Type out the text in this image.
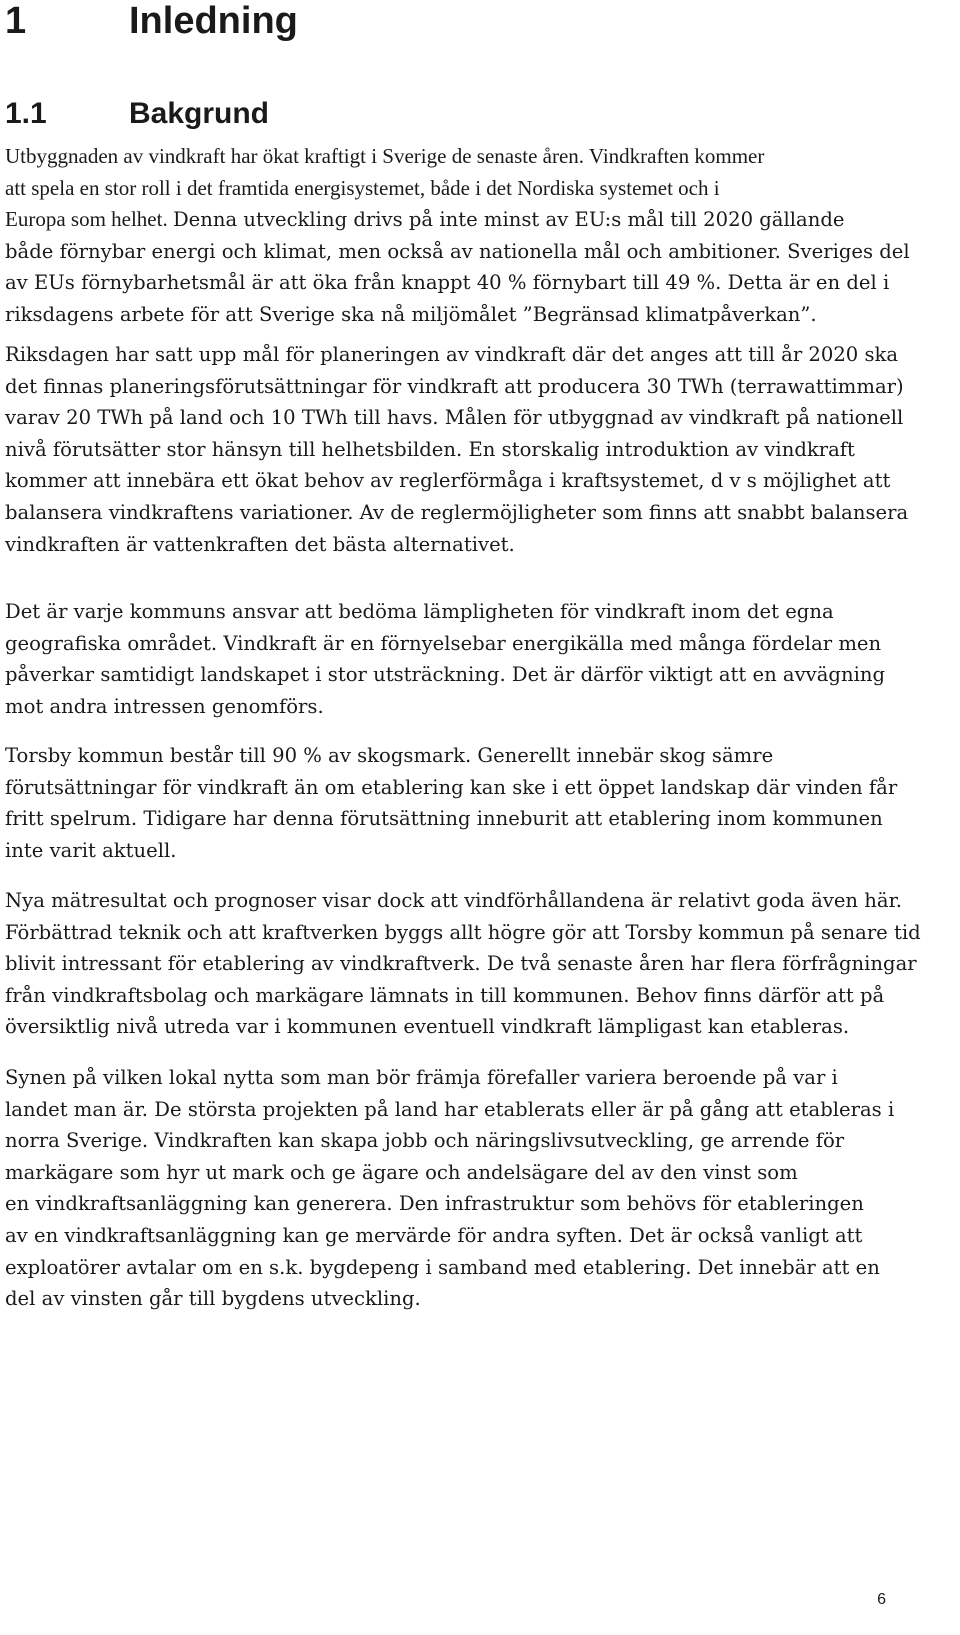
1	Inledning
1.1	Bakgrund
Utbyggnaden av vindkraft har ökat kraftigt i Sverige de senaste åren. Vindkraften kommer
att spela en stor roll i det framtida energisystemet, både i det Nordiska systemet och i
Europa som helhet. Denna utveckling drivs på inte minst av EU:s mål till 2020 gällande
både förnybar energi och klimat, men också av nationella mål och ambitioner. Sveriges del
av EUs förnybarhetsmål är att öka från knappt 40 % förnybart till 49 %. Detta är en del i
riksdagens arbete för att Sverige ska nå miljömålet ”Begränsad klimatpåverkan”.
Riksdagen har satt upp mål för planeringen av vindkraft där det anges att till år 2020 ska
det finnas planeringsförutsättningar för vindkraft att producera 30 TWh (terrawattimmar)
varav 20 TWh på land och 10 TWh till havs. Målen för utbyggnad av vindkraft på nationell
nivå förutsätter stor hänsyn till helhetsbilden. En storskalig introduktion av vindkraft
kommer att innebära ett ökat behov av reglerförmåga i kraftsystemet, d v s möjlighet att
balansera vindkraftens variationer. Av de reglermöjligheter som finns att snabbt balansera
vindkraften är vattenkraften det bästa alternativet.
Det är varje kommuns ansvar att bedöma lämpligheten för vindkraft inom det egna
geografiska området. Vindkraft är en förnyelsebar energikälla med många fördelar men
påverkar samtidigt landskapet i stor utsträckning. Det är därför viktigt att en avvägning
mot andra intressen genomförs.
Torsby kommun består till 90 % av skogsmark. Generellt innebär skog sämre
förutsättningar för vindkraft än om etablering kan ske i ett öppet landskap där vinden får
fritt spelrum. Tidigare har denna förutsättning inneburit att etablering inom kommunen
inte varit aktuell.
Nya mätresultat och prognoser visar dock att vindförhållandena är relativt goda även här.
Förbättrad teknik och att kraftverken byggs allt högre gör att Torsby kommun på senare tid
blivit intressant för etablering av vindkraftverk. De två senaste åren har flera förfrågningar
från vindkraftsbolag och markägare lämnats in till kommunen. Behov finns därför att på
översiktlig nivå utreda var i kommunen eventuell vindkraft lämpligast kan etableras.
Synen på vilken lokal nytta som man bör främja förefaller variera beroende på var i
landet man är. De största projekten på land har etablerats eller är på gång att etableras i
norra Sverige. Vindkraften kan skapa jobb och näringslivsutveckling, ge arrende för
markägare som hyr ut mark och ge ägare och andelsägare del av den vinst som
en vindkraftsanläggning kan generera. Den infrastruktur som behövs för etableringen
av en vindkraftsanläggning kan ge mervärde för andra syften. Det är också vanligt att
exploatörer avtalar om en s.k. bygdepeng i samband med etablering. Det innebär att en
del av vinsten går till bygdens utveckling.
6
